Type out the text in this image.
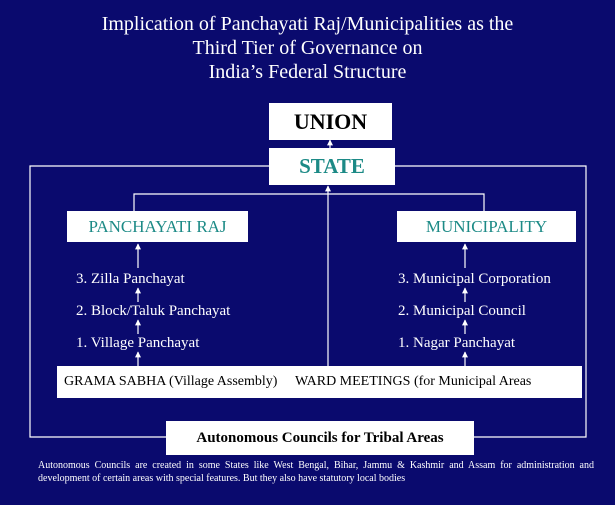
Implication of Panchayati Raj/Municipalities as the
Third Tier of Governance on
India’s Federal Structure
UNION
STATE
PANCHAYATI RAJ	MUNICIPALITY
3. Zilla Panchayat
2. Block/Taluk Panchayat
1. Village Panchayat
3. Municipal Corporation
2. Municipal Council
1. Nagar Panchayat
GRAMA SABHA (Village Assembly) WARD MEETINGS (for Municipal Areas
Autonomous Councils for Tribal Areas
Autonomous Councils are created in some States like West Bengal, Bihar, Jammu & Kashmir and Assam for administration and development of certain areas with special features. But they also have statutory local bodies
